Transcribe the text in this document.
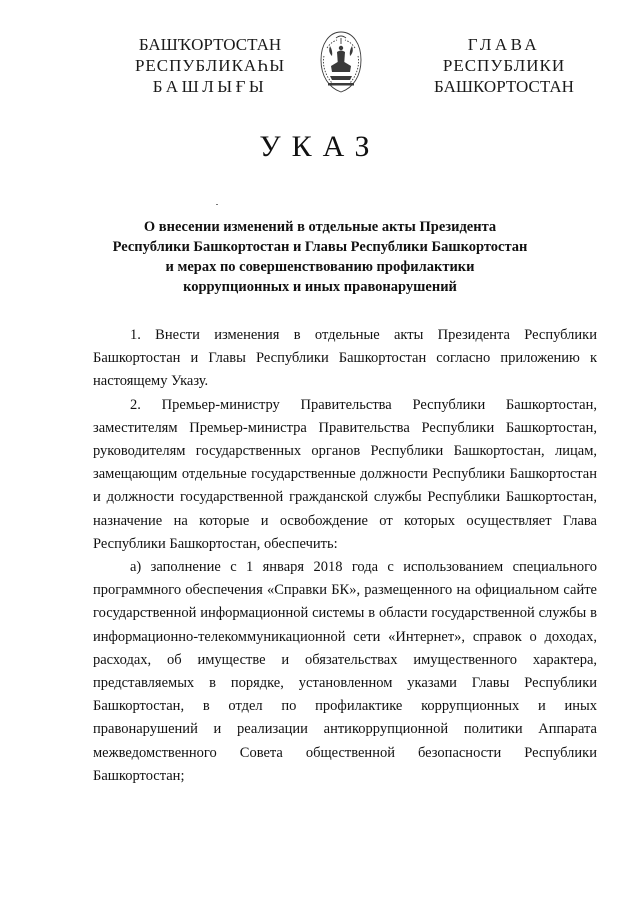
БАШҠОРТОСТАН
РЕСПУБЛИКАҺЫ
БАШЛЫҒЫ
ГЛАВА
РЕСПУБЛИКИ
БАШКОРТОСТАН
УКАЗ
О внесении изменений в отдельные акты Президента
Республики Башкортостан и Главы Республики Башкортостан
и мерах по совершенствованию профилактики
коррупционных и иных правонарушений

1. Внести изменения в отдельные акты Президента Республики Башкортостан и Главы Республики Башкортостан согласно приложению к настоящему Указу.

2. Премьер-министру Правительства Республики Башкортостан, заместителям Премьер-министра Правительства Республики Башкортостан, руководителям государственных органов Республики Башкортостан, лицам, замещающим отдельные государственные должности Республики Башкортостан и должности государственной гражданской службы Республики Башкортостан, назначение на которые и освобождение от которых осуществляет Глава Республики Башкортостан, обеспечить:

а) заполнение с 1 января 2018 года с использованием специального программного обеспечения «Справки БК», размещенного на официальном сайте государственной информационной системы в области государственной службы в информационно-телекоммуникационной сети «Интернет», справок о доходах, расходах, об имуществе и обязательствах имущественного характера, представляемых в порядке, установленном указами Главы Республики Башкортостан, в отдел по профилактике коррупционных и иных правонарушений и реализации антикоррупционной политики Аппарата межведомственного Совета общественной безопасности Республики Башкортостан;
